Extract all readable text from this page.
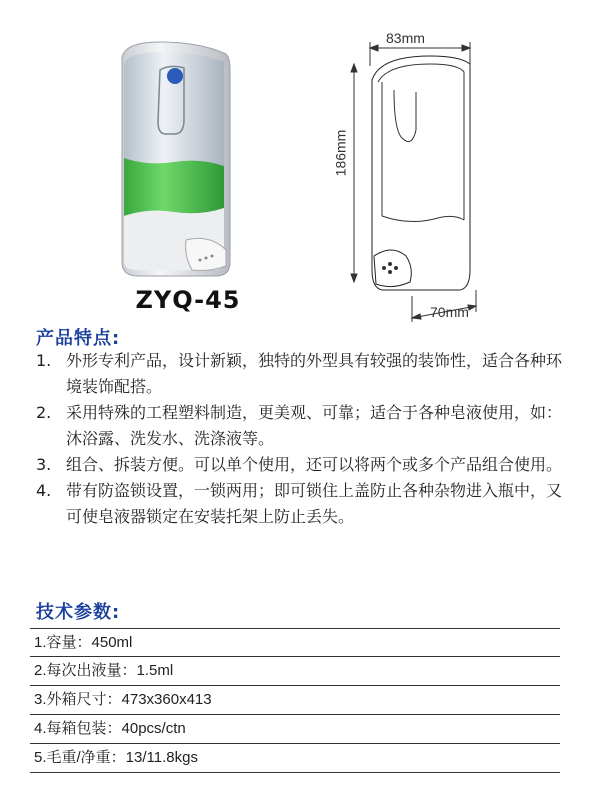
ZYQ-45
83mm
186mm
70mm
产品特点:
1. 外形专利产品，设计新颖，独特的外型具有较强的装饰性，适合各种环境装饰配搭。
2. 采用特殊的工程塑料制造，更美观、可靠；适合于各种皂液使用，如：沐浴露、洗发水、洗涤液等。
3. 组合、拆装方便。可以单个使用，还可以将两个或多个产品组合使用。
4. 带有防盗锁设置，一锁两用；即可锁住上盖防止各种杂物进入瓶中，又可使皂液器锁定在安装托架上防止丢失。
技术参数:
1.容量：450ml
2.每次出液量：1.5ml
3.外箱尺寸：473x360x413
4.每箱包装：40pcs/ctn
5.毛重/净重：13/11.8kgs
